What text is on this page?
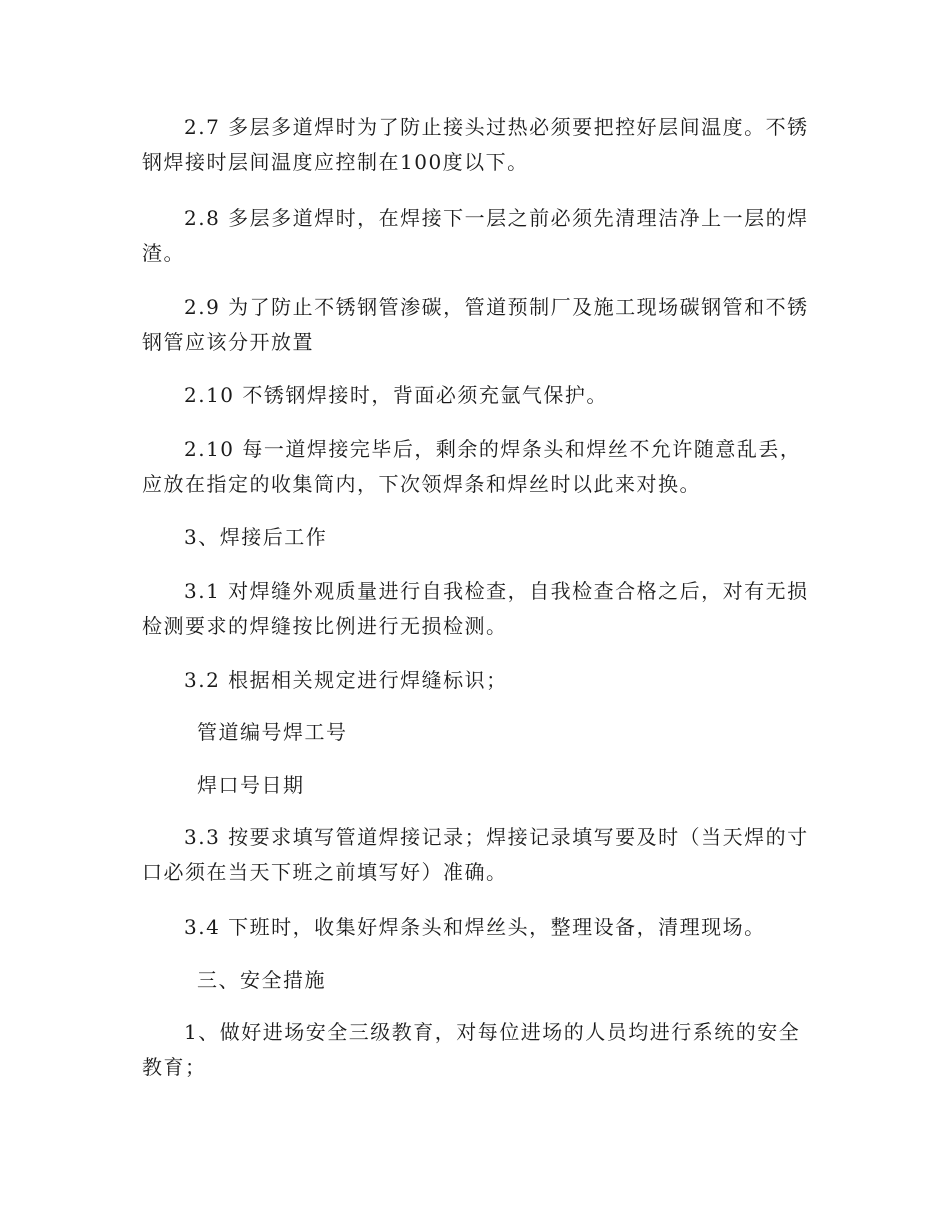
2.7 多层多道焊时为了防止接头过热必须要把控好层间温度。不锈
钢焊接时层间温度应控制在100度以下。

2.8 多层多道焊时，在焊接下一层之前必须先清理洁净上一层的焊
渣。

2.9 为了防止不锈钢管渗碳，管道预制厂及施工现场碳钢管和不锈
钢管应该分开放置

2.10 不锈钢焊接时，背面必须充氩气保护。

2.10 每一道焊接完毕后，剩余的焊条头和焊丝不允许随意乱丢，
应放在指定的收集筒内，下次领焊条和焊丝时以此来对换。

3、焊接后工作

3.1 对焊缝外观质量进行自我检查，自我检查合格之后，对有无损
检测要求的焊缝按比例进行无损检测。

3.2 根据相关规定进行焊缝标识；

管道编号焊工号

焊口号日期

3.3 按要求填写管道焊接记录；焊接记录填写要及时（当天焊的寸
口必须在当天下班之前填写好）准确。

3.4 下班时，收集好焊条头和焊丝头，整理设备，清理现场。

三、安全措施

1、做好进场安全三级教育，对每位进场的人员均进行系统的安全
教育；
